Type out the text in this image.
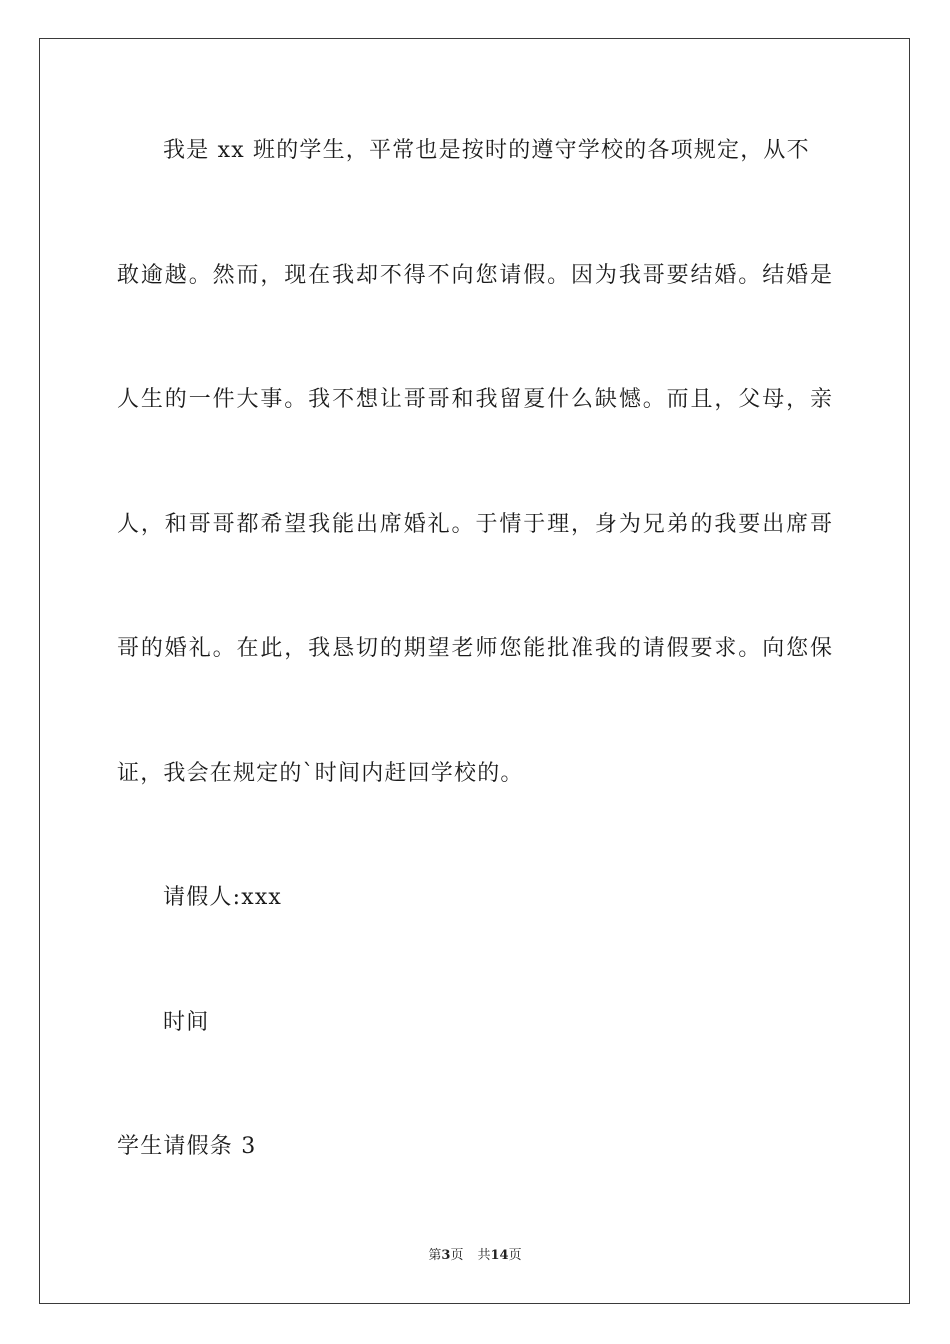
我是 xx 班的学生，平常也是按时的遵守学校的各项规定，从不
敢逾越。然而，现在我却不得不向您请假。因为我哥要结婚。结婚是
人生的一件大事。我不想让哥哥和我留夏什么缺憾。而且，父母，亲
人，和哥哥都希望我能出席婚礼。于情于理，身为兄弟的我要出席哥
哥的婚礼。在此，我恳切的期望老师您能批准我的请假要求。向您保
证，我会在规定的`时间内赶回学校的。
请假人:xxx
时间
学生请假条 3
第3页 共14页
